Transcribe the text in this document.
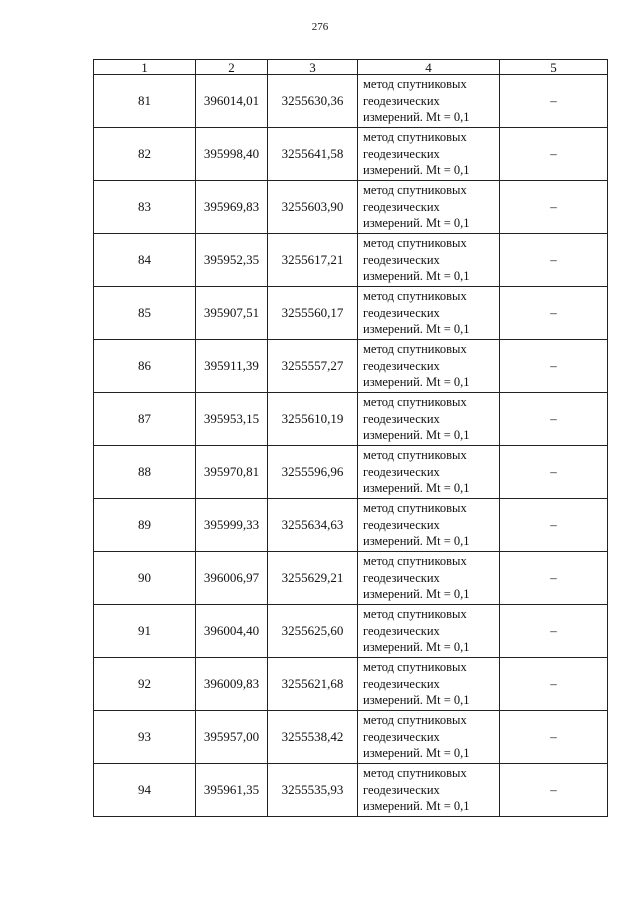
276
1	2	3	4	5
81	396014,01	3255630,36	метод спутниковых
геодезических
измерений. Mt = 0,1	–
82	395998,40	3255641,58	метод спутниковых
геодезических
измерений. Mt = 0,1	–
83	395969,83	3255603,90	метод спутниковых
геодезических
измерений. Mt = 0,1	–
84	395952,35	3255617,21	метод спутниковых
геодезических
измерений. Mt = 0,1	–
85	395907,51	3255560,17	метод спутниковых
геодезических
измерений. Mt = 0,1	–
86	395911,39	3255557,27	метод спутниковых
геодезических
измерений. Mt = 0,1	–
87	395953,15	3255610,19	метод спутниковых
геодезических
измерений. Mt = 0,1	–
88	395970,81	3255596,96	метод спутниковых
геодезических
измерений. Mt = 0,1	–
89	395999,33	3255634,63	метод спутниковых
геодезических
измерений. Mt = 0,1	–
90	396006,97	3255629,21	метод спутниковых
геодезических
измерений. Mt = 0,1	–
91	396004,40	3255625,60	метод спутниковых
геодезических
измерений. Mt = 0,1	–
92	396009,83	3255621,68	метод спутниковых
геодезических
измерений. Mt = 0,1	–
93	395957,00	3255538,42	метод спутниковых
геодезических
измерений. Mt = 0,1	–
94	395961,35	3255535,93	метод спутниковых
геодезических
измерений. Mt = 0,1	–
